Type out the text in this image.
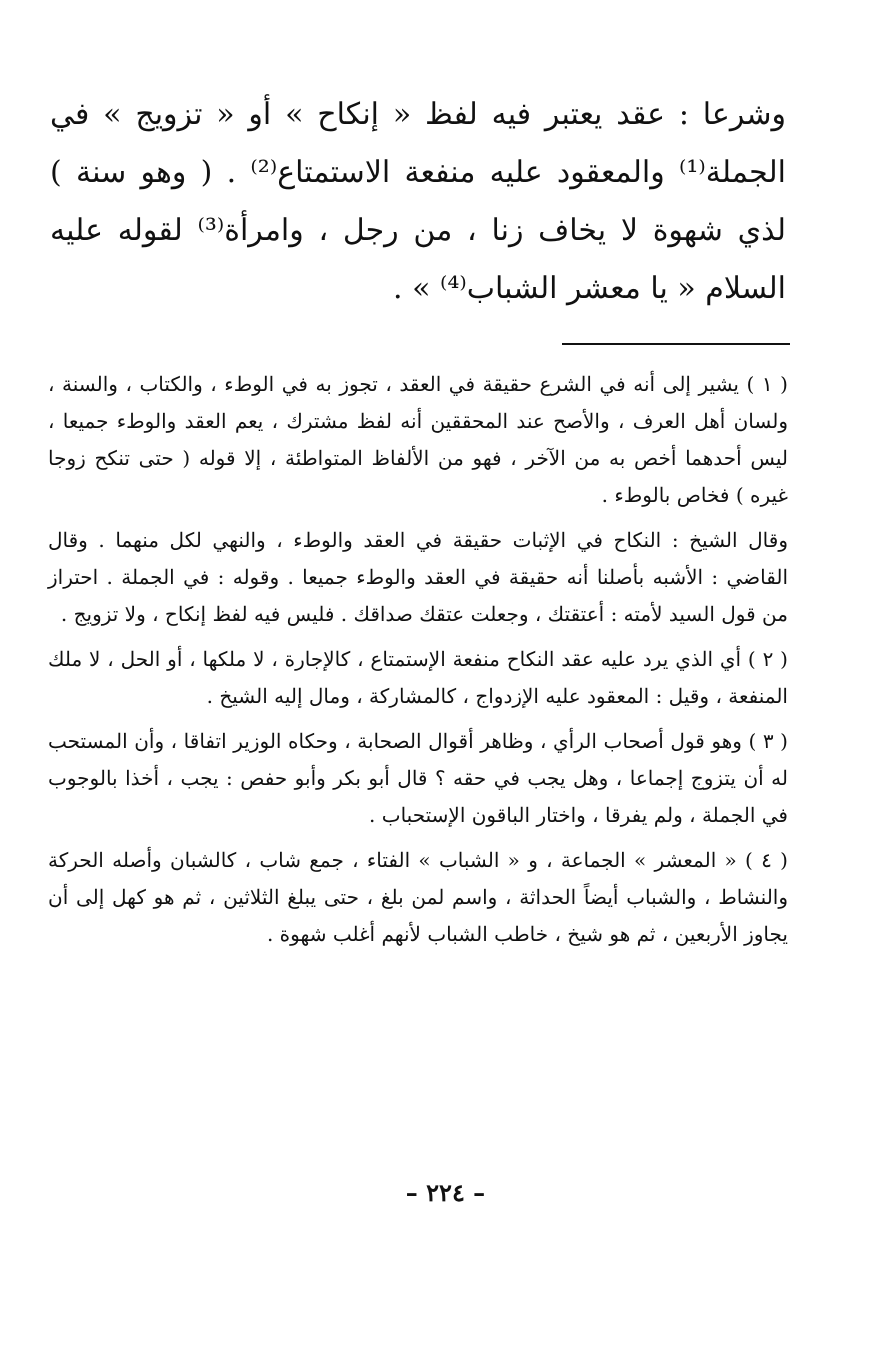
وشرعا : عقد يعتبر فيه لفظ « إنكاح » أو « تزويج » في الجملة⁽¹⁾ والمعقود عليه منفعة الاستمتاع⁽²⁾ . ( وهو سنة ) لذي شهوة لا يخاف زنا ، من رجل ، وامرأة⁽³⁾ لقوله عليه السلام « يا معشر الشباب⁽⁴⁾ » .

( ١ ) يشير إلى أنه في الشرع حقيقة في العقد ، تجوز به في الوطء ، والكتاب ، والسنة ، ولسان أهل العرف ، والأصح عند المحققين أنه لفظ مشترك ، يعم العقد والوطء جميعا ، ليس أحدهما أخص به من الآخر ، فهو من الألفاظ المتواطئة ، إلا قوله ( حتى تنكح زوجا غيره ) فخاص بالوطء .

وقال الشيخ : النكاح في الإثبات حقيقة في العقد والوطء ، والنهي لكل منهما . وقال القاضي : الأشبه بأصلنا أنه حقيقة في العقد والوطء جميعا . وقوله : في الجملة . احتراز من قول السيد لأمته : أعتقتك ، وجعلت عتقك صداقك . فليس فيه لفظ إنكاح ، ولا تزويج .

( ٢ ) أي الذي يرد عليه عقد النكاح منفعة الإستمتاع ، كالإجارة ، لا ملكها ، أو الحل ، لا ملك المنفعة ، وقيل : المعقود عليه الإزدواج ، كالمشاركة ، ومال إليه الشيخ .

( ٣ ) وهو قول أصحاب الرأي ، وظاهر أقوال الصحابة ، وحكاه الوزير اتفاقا ، وأن المستحب له أن يتزوج إجماعا ، وهل يجب في حقه ؟ قال أبو بكر وأبو حفص : يجب ، أخذا بالوجوب في الجملة ، ولم يفرقا ، واختار الباقون الإستحباب .

( ٤ ) « المعشر » الجماعة ، و « الشباب » الفتاء ، جمع شاب ، كالشبان وأصله الحركة والنشاط ، والشباب أيضاً الحداثة ، واسم لمن بلغ ، حتى يبلغ الثلاثين ، ثم هو كهل إلى أن يجاوز الأربعين ، ثم هو شيخ ، خاطب الشباب لأنهم أغلب شهوة .

– ٢٢٤ –
